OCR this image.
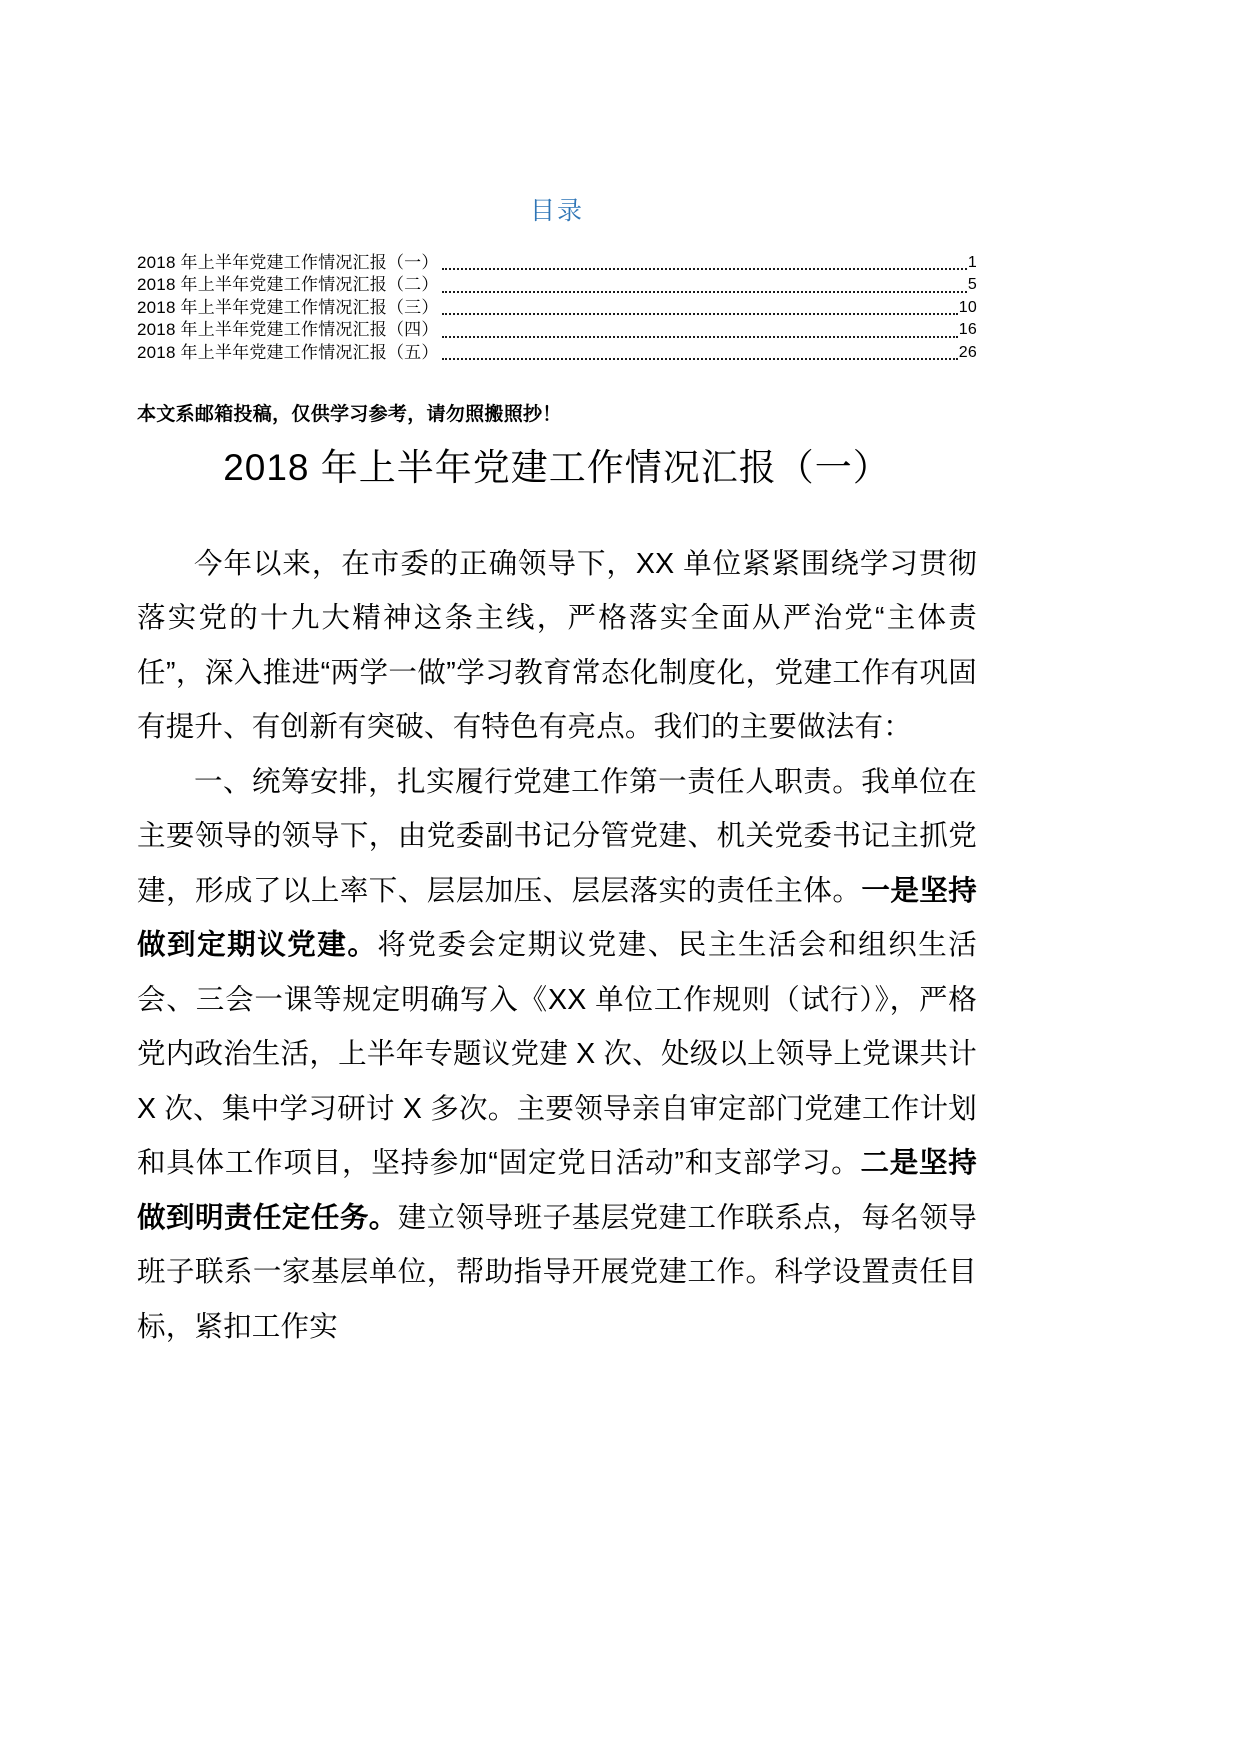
目录
2018 年上半年党建工作情况汇报（一）	1
2018 年上半年党建工作情况汇报（二）	5
2018 年上半年党建工作情况汇报（三）	10
2018 年上半年党建工作情况汇报（四）	16
2018 年上半年党建工作情况汇报（五）	26

本文系邮箱投稿，仅供学习参考，请勿照搬照抄！

2018 年上半年党建工作情况汇报（一）

今年以来，在市委的正确领导下，XX 单位紧紧围绕学习贯彻落实党的十九大精神这条主线，严格落实全面从严治党“主体责任”，深入推进“两学一做”学习教育常态化制度化，党建工作有巩固有提升、有创新有突破、有特色有亮点。我们的主要做法有：

一、统筹安排，扎实履行党建工作第一责任人职责。我单位在主要领导的领导下，由党委副书记分管党建、机关党委书记主抓党建，形成了以上率下、层层加压、层层落实的责任主体。一是坚持做到定期议党建。将党委会定期议党建、民主生活会和组织生活会、三会一课等规定明确写入《XX 单位工作规则（试行）》，严格党内政治生活，上半年专题议党建 X 次、处级以上领导上党课共计 X 次、集中学习研讨 X 多次。主要领导亲自审定部门党建工作计划和具体工作项目，坚持参加“固定党日活动”和支部学习。二是坚持做到明责任定任务。建立领导班子基层党建工作联系点，每名领导班子联系一家基层单位，帮助指导开展党建工作。科学设置责任目标，紧扣工作实
